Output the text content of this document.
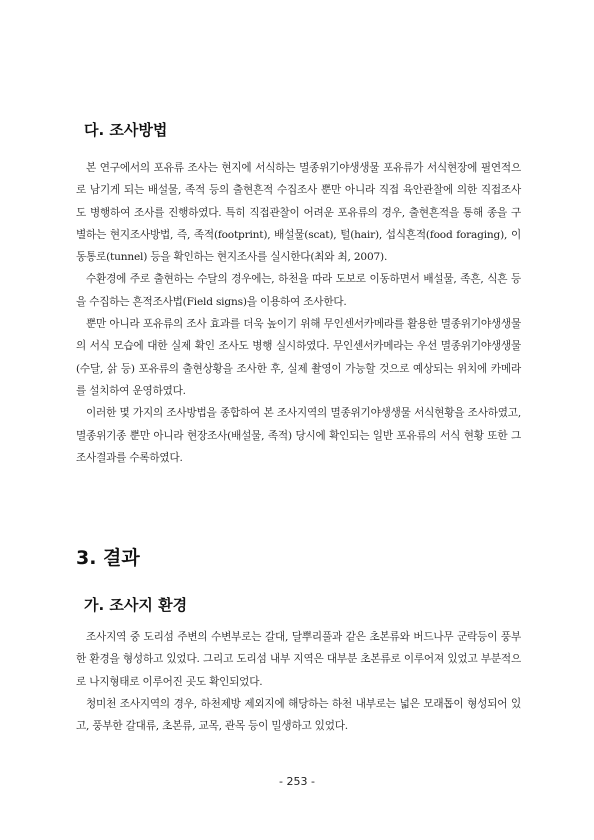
다. 조사방법

본 연구에서의 포유류 조사는 현지에 서식하는 멸종위기야생생물 포유류가 서식현장에 필연적으로 남기게 되는 배설물, 족적 등의 출현흔적 수집조사 뿐만 아니라 직접 육안관찰에 의한 직접조사도 병행하여 조사를 진행하였다. 특히 직접관찰이 어려운 포유류의 경우, 출현흔적을 통해 종을 구별하는 현지조사방법, 즉, 족적(footprint), 배설물(scat), 털(hair), 섭식흔적(food foraging), 이동통로(tunnel) 등을 확인하는 현지조사를 실시한다(최와 최, 2007).

수환경에 주로 출현하는 수달의 경우에는, 하천을 따라 도보로 이동하면서 배설물, 족흔, 식흔 등을 수집하는 흔적조사법(Field signs)을 이용하여 조사한다.

뿐만 아니라 포유류의 조사 효과를 더욱 높이기 위해 무인센서카메라를 활용한 멸종위기야생생물의 서식 모습에 대한 실제 확인 조사도 병행 실시하였다. 무인센서카메라는 우선 멸종위기야생생물(수달, 삵 등) 포유류의 출현상황을 조사한 후, 실제 촬영이 가능할 것으로 예상되는 위치에 카메라를 설치하여 운영하였다.

이러한 몇 가지의 조사방법을 종합하여 본 조사지역의 멸종위기야생생물 서식현황을 조사하였고, 멸종위기종 뿐만 아니라 현장조사(배설물, 족적) 당시에 확인되는 일반 포유류의 서식 현황 또한 그 조사결과를 수록하였다.

3. 결과
가. 조사지 환경

조사지역 중 도리섬 주변의 수변부로는 갈대, 달뿌리풀과 같은 초본류와 버드나무 군락등이 풍부한 환경을 형성하고 있었다. 그리고 도리섬 내부 지역은 대부분 초본류로 이루어져 있었고 부분적으로 나지형태로 이루어진 곳도 확인되었다.

청미천 조사지역의 경우, 하천제방 제외지에 해당하는 하천 내부로는 넓은 모래톱이 형성되어 있고, 풍부한 갈대류, 초본류, 교목, 관목 등이 밀생하고 있었다.

- 253 -
